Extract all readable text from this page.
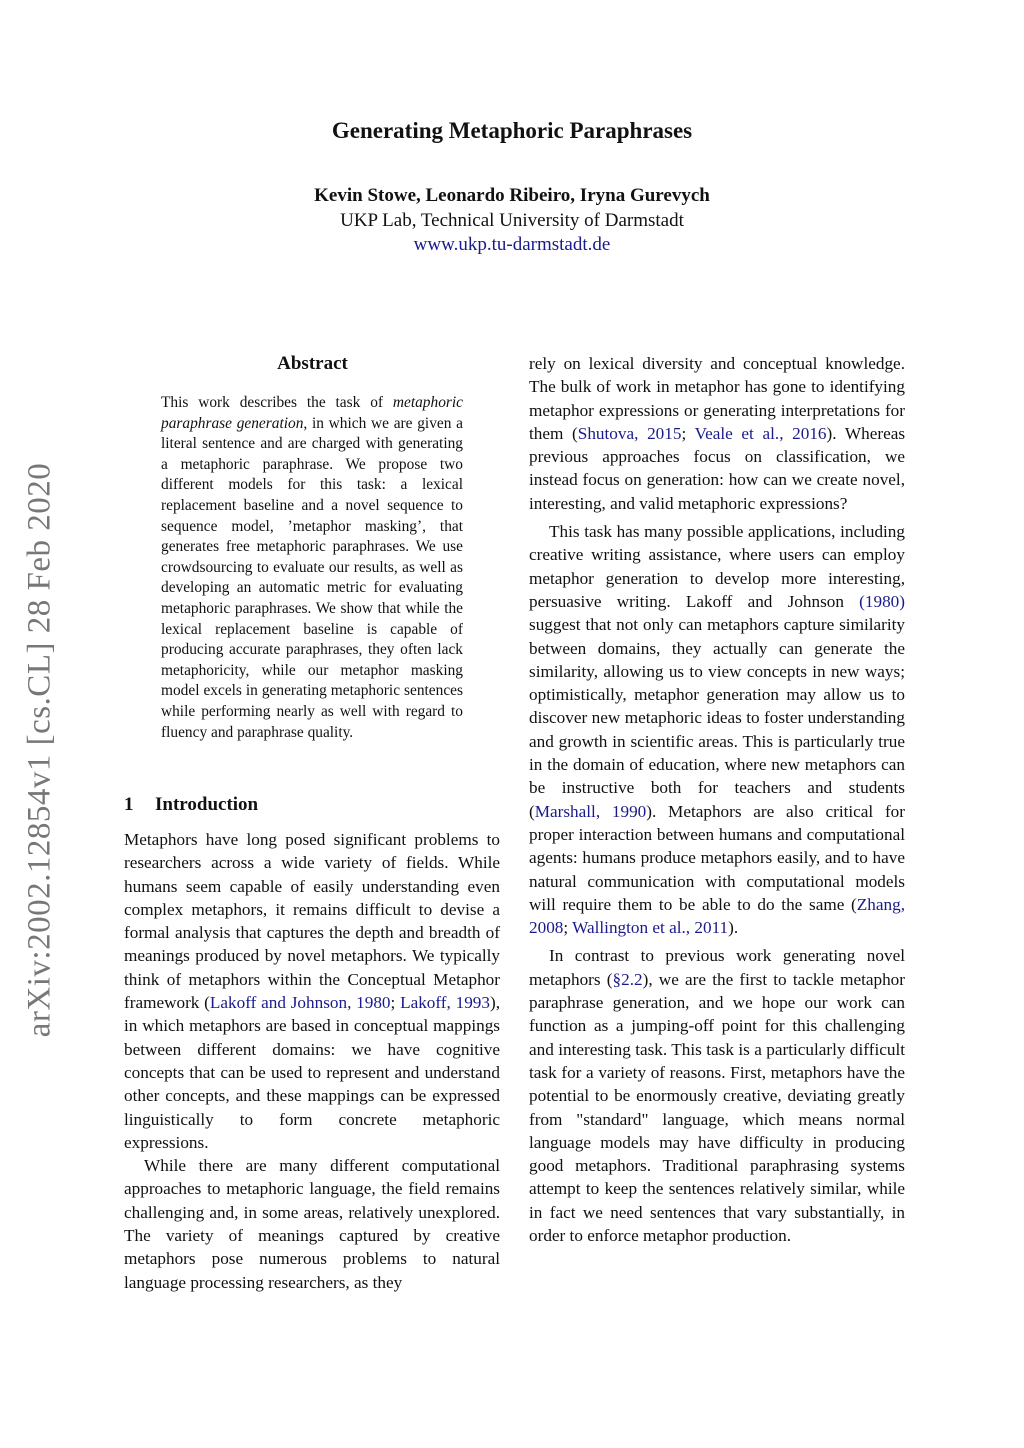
Generating Metaphoric Paraphrases
Kevin Stowe, Leonardo Ribeiro, Iryna Gurevych
UKP Lab, Technical University of Darmstadt
www.ukp.tu-darmstadt.de
arXiv:2002.12854v1 [cs.CL] 28 Feb 2020
Abstract

This work describes the task of metaphoric paraphrase generation, in which we are given a literal sentence and are charged with generating a metaphoric paraphrase. We propose two different models for this task: a lexical replacement baseline and a novel sequence to sequence model, ’metaphor masking’, that generates free metaphoric paraphrases. We use crowdsourcing to evaluate our results, as well as developing an automatic metric for evaluating metaphoric paraphrases. We show that while the lexical replacement baseline is capable of producing accurate paraphrases, they often lack metaphoricity, while our metaphor masking model excels in generating metaphoric sentences while performing nearly as well with regard to fluency and paraphrase quality.

1 Introduction

Metaphors have long posed significant problems to researchers across a wide variety of fields. While humans seem capable of easily understanding even complex metaphors, it remains difficult to devise a formal analysis that captures the depth and breadth of meanings produced by novel metaphors. We typically think of metaphors within the Conceptual Metaphor framework (Lakoff and Johnson, 1980; Lakoff, 1993), in which metaphors are based in conceptual mappings between different domains: we have cognitive concepts that can be used to represent and understand other concepts, and these mappings can be expressed linguistically to form concrete metaphoric expressions.

While there are many different computational approaches to metaphoric language, the field remains challenging and, in some areas, relatively unexplored. The variety of meanings captured by creative metaphors pose numerous problems to natural language processing researchers, as they

rely on lexical diversity and conceptual knowledge. The bulk of work in metaphor has gone to identifying metaphor expressions or generating interpretations for them (Shutova, 2015; Veale et al., 2016). Whereas previous approaches focus on classification, we instead focus on generation: how can we create novel, interesting, and valid metaphoric expressions?

This task has many possible applications, including creative writing assistance, where users can employ metaphor generation to develop more interesting, persuasive writing. Lakoff and Johnson (1980) suggest that not only can metaphors capture similarity between domains, they actually can generate the similarity, allowing us to view concepts in new ways; optimistically, metaphor generation may allow us to discover new metaphoric ideas to foster understanding and growth in scientific areas. This is particularly true in the domain of education, where new metaphors can be instructive both for teachers and students (Marshall, 1990). Metaphors are also critical for proper interaction between humans and computational agents: humans produce metaphors easily, and to have natural communication with computational models will require them to be able to do the same (Zhang, 2008; Wallington et al., 2011).

In contrast to previous work generating novel metaphors (§2.2), we are the first to tackle metaphor paraphrase generation, and we hope our work can function as a jumping-off point for this challenging and interesting task. This task is a particularly difficult task for a variety of reasons. First, metaphors have the potential to be enormously creative, deviating greatly from "standard" language, which means normal language models may have difficulty in producing good metaphors. Traditional paraphrasing systems attempt to keep the sentences relatively similar, while in fact we need sentences that vary substantially, in order to enforce metaphor production.
